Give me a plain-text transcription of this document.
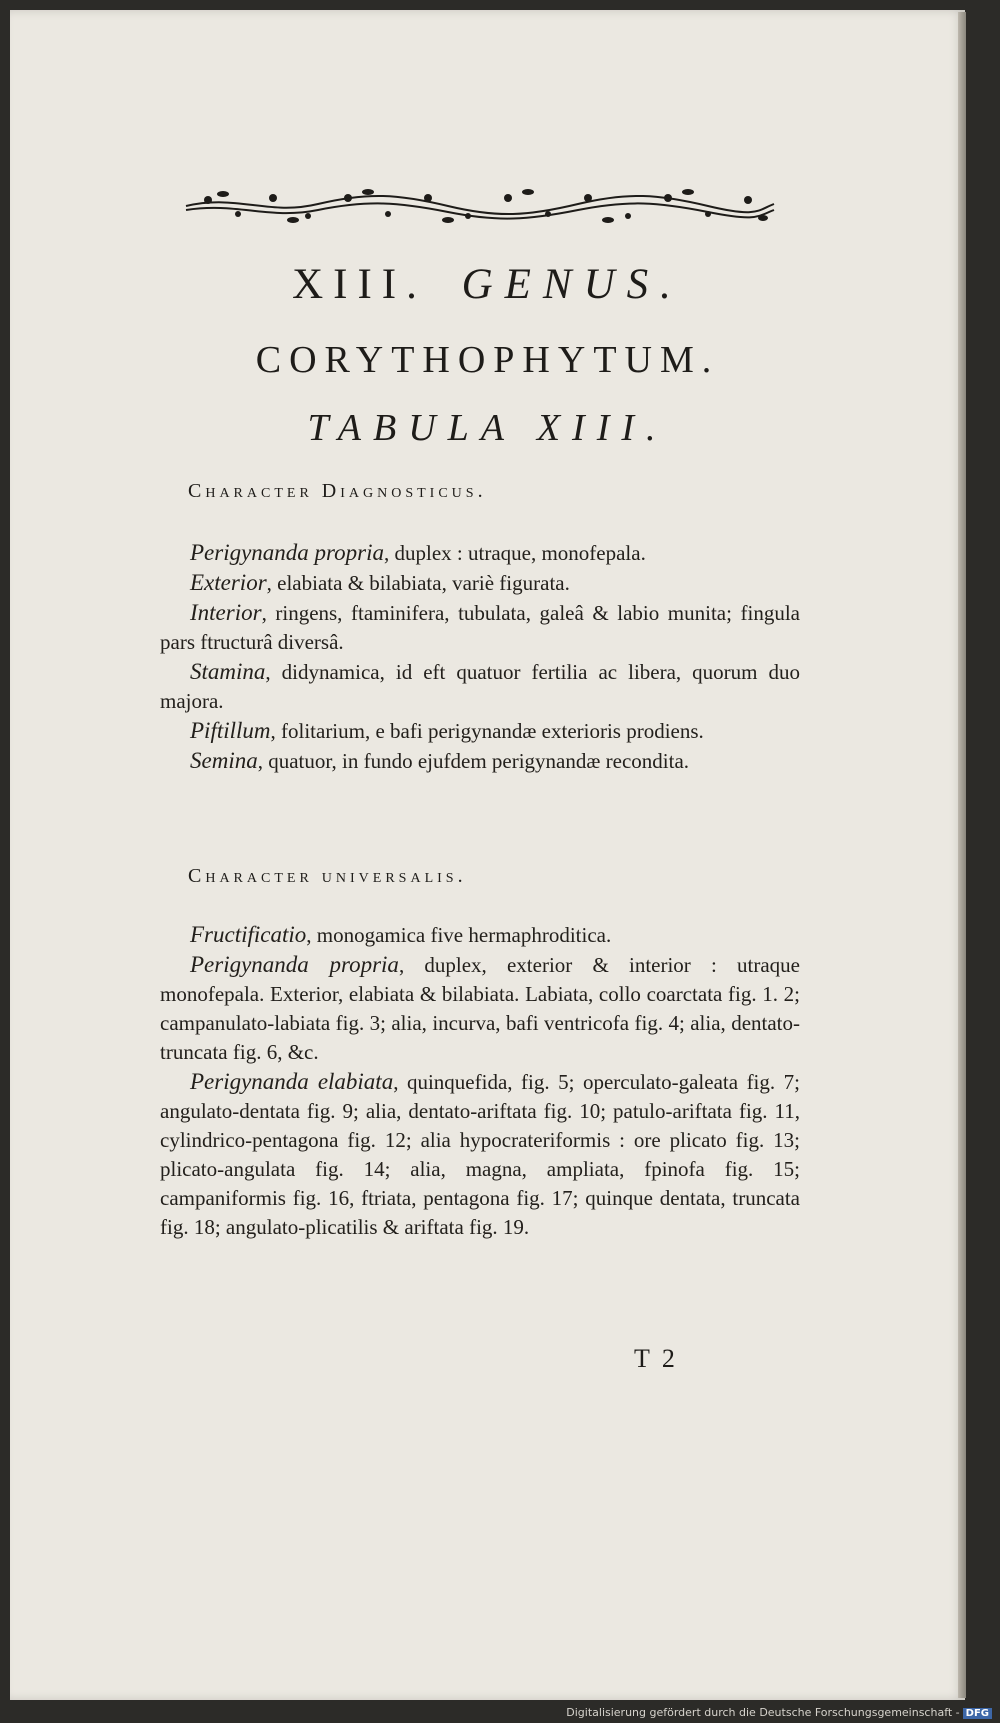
XIII. GENUS.
CORYTHOPHYTUM.
TABULA XIII.
Character Diagnosticus.

Perigynanda propria, duplex : utraque, monofepala.

Exterior, elabiata & bilabiata, variè figurata.

Interior, ringens, ftaminifera, tubulata, galeâ & labio munita; fingula pars ftructurâ diversâ.

Stamina, didynamica, id eft quatuor fertilia ac libera, quorum duo majora.

Piftillum, folitarium, e bafi perigynandæ exterioris prodiens.

Semina, quatuor, in fundo ejufdem perigynandæ recondita.

Character universalis.

Fructificatio, monogamica five hermaphroditica.

Perigynanda propria, duplex, exterior & interior : utraque monofepala. Exterior, elabiata & bilabiata. Labiata, collo coarctata fig. 1. 2; campanulato-labiata fig. 3; alia, incurva, bafi ventricofa fig. 4; alia, dentato-truncata fig. 6, &c.

Perigynanda elabiata, quinquefida, fig. 5; operculato-galeata fig. 7; angulato-dentata fig. 9; alia, dentato-ariftata fig. 10; patulo-ariftata fig. 11, cylindrico-pentagona fig. 12; alia hypocrateriformis : ore plicato fig. 13; plicato-angulata fig. 14; alia, magna, ampliata, fpinofa fig. 15; campaniformis fig. 16, ftriata, pentagona fig. 17; quinque dentata, truncata fig. 18; angulato-plicatilis & ariftata fig. 19.

T 2
Digitalisierung gefördert durch die Deutsche Forschungsgemeinschaft - DFG
